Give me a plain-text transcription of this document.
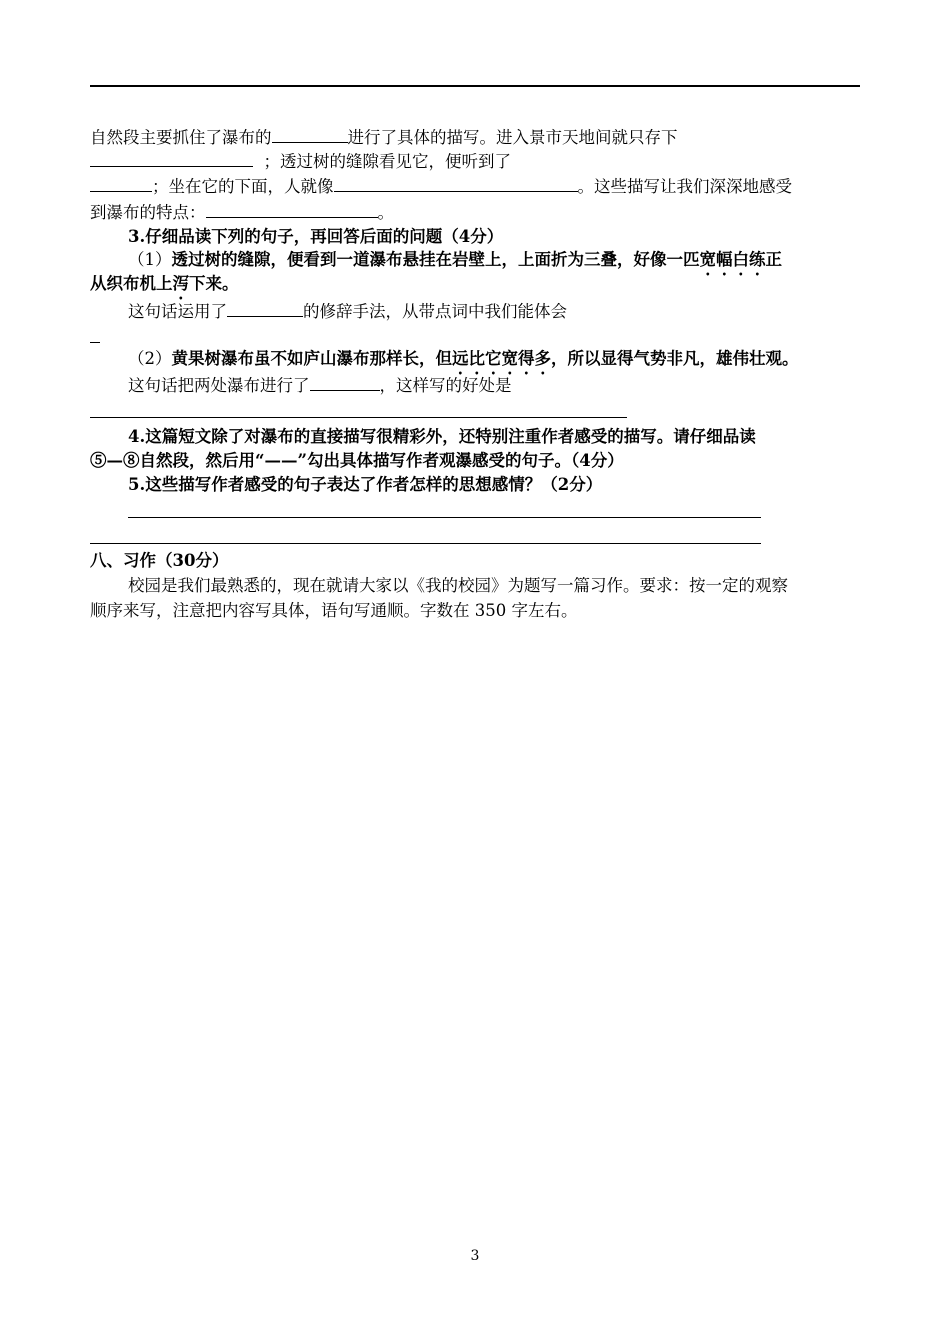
自然段主要抓住了瀑布的	进行了具体的描写。进入景市天地间就只存下
；透过树的缝隙看见它，便听到了
；坐在它的下面，人就像	。这些描写让我们深深地感受
到瀑布的特点：	。
3.仔细品读下列的句子，再回答后面的问题（4分）
（1）透过树的缝隙，便看到一道瀑布悬挂在岩壁上，上面折为三叠，好像一匹宽幅白练正
从织布机上泻下来。
这句话运用了	的修辞手法，从带点词中我们能体会
（2）黄果树瀑布虽不如庐山瀑布那样长，但远比它宽得多，所以显得气势非凡，雄伟壮观。
这句话把两处瀑布进行了	，这样写的好处是
4.这篇短文除了对瀑布的直接描写很精彩外，还特别注重作者感受的描写。请仔细品读
⑤—⑧自然段，然后用“——”勾出具体描写作者观瀑感受的句子。（4分）
5.这些描写作者感受的句子表达了作者怎样的思想感情？（2分）
八、习作（30分）
校园是我们最熟悉的，现在就请大家以《我的校园》为题写一篇习作。要求：按一定的观察
顺序来写，注意把内容写具体，语句写通顺。字数在 350 字左右。
3
